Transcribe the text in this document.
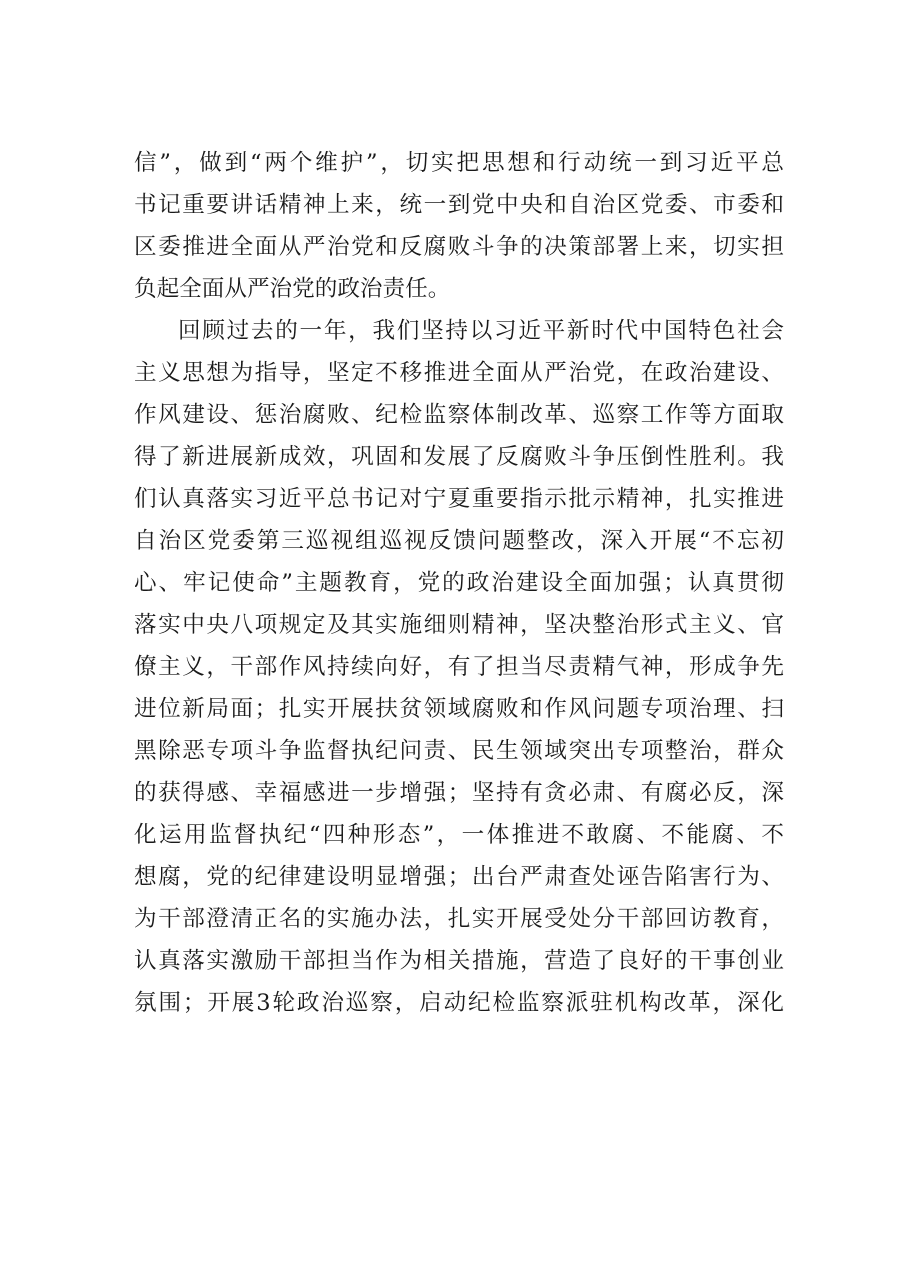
信”，做到“两个维护”，切实把思想和行动统一到习近平总
书记重要讲话精神上来，统一到党中央和自治区党委、市委和
区委推进全面从严治党和反腐败斗争的决策部署上来，切实担
负起全面从严治党的政治责任。
回顾过去的一年，我们坚持以习近平新时代中国特色社会
主义思想为指导，坚定不移推进全面从严治党，在政治建设、
作风建设、惩治腐败、纪检监察体制改革、巡察工作等方面取
得了新进展新成效，巩固和发展了反腐败斗争压倒性胜利。我
们认真落实习近平总书记对宁夏重要指示批示精神，扎实推进
自治区党委第三巡视组巡视反馈问题整改，深入开展“不忘初
心、牢记使命”主题教育，党的政治建设全面加强；认真贯彻
落实中央八项规定及其实施细则精神，坚决整治形式主义、官
僚主义，干部作风持续向好，有了担当尽责精气神，形成争先
进位新局面；扎实开展扶贫领域腐败和作风问题专项治理、扫
黑除恶专项斗争监督执纪问责、民生领域突出专项整治，群众
的获得感、幸福感进一步增强；坚持有贪必肃、有腐必反，深
化运用监督执纪“四种形态”，一体推进不敢腐、不能腐、不
想腐，党的纪律建设明显增强；出台严肃查处诬告陷害行为、
为干部澄清正名的实施办法，扎实开展受处分干部回访教育，
认真落实激励干部担当作为相关措施，营造了良好的干事创业
氛围；开展3轮政治巡察，启动纪检监察派驻机构改革，深化
